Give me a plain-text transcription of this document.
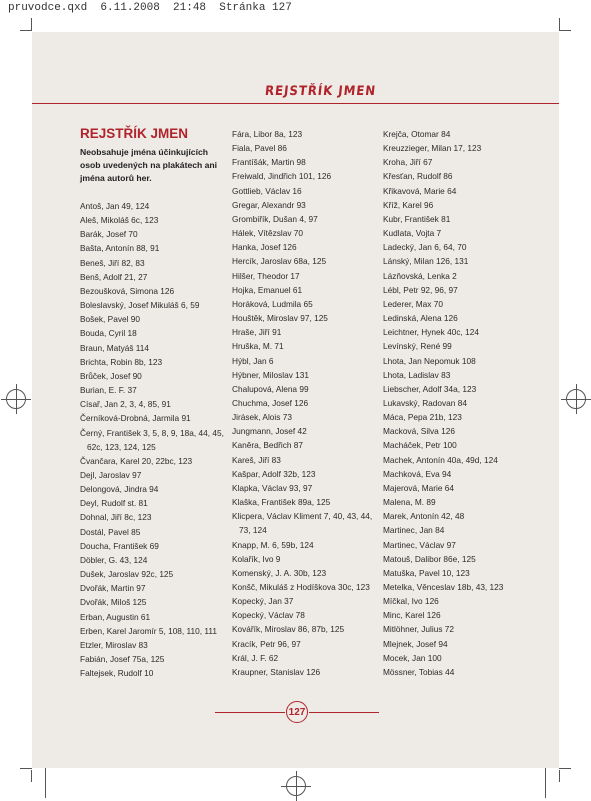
pruvodce.qxd  6.11.2008  21:48  Stránka 127
REJSTŘÍK JMEN
REJSTŘÍK JMEN
Neobsahuje jména účinkujících osob uvedených na plakátech ani jména autorů her.
Antoš, Jan 49, 124
Aleš, Mikoláš 6c, 123
Barák, Josef 70
Bašta, Antonín 88, 91
Beneš, Jiří 82, 83
Benš, Adolf 21, 27
Bezoušková, Simona 126
Boleslavský, Josef Mikuláš 6, 59
Bošek, Pavel 90
Bouda, Cyril 18
Braun, Matyáš 114
Brichta, Robin 8b, 123
Brůček, Josef 90
Burian, E. F. 37
Císař, Jan 2, 3, 4, 85, 91
Černíková-Drobná, Jarmila 91
Černý, František 3, 5, 8, 9, 18a, 44, 45,
62c, 123, 124, 125
Čvančara, Karel 20, 22bc, 123
Dejl, Jaroslav 97
Delongová, Jindra 94
Deyl, Rudolf st. 81
Dohnal, Jiří 8c, 123
Dostál, Pavel 85
Doucha, František 69
Döbler, G. 43, 124
Dušek, Jaroslav 92c, 125
Dvořák, Martin 97
Dvořák, Miloš 125
Erban, Augustin 61
Erben, Karel Jaromír 5, 108, 110, 111
Etzler, Miroslav 83
Fabián, Josef 75a, 125
Faltejsek, Rudolf 10
Fára, Libor 8a, 123
Fiala, Pavel 86
Frantíšák, Martin 98
Freiwald, Jindřich 101, 126
Gottlieb, Václav 16
Gregar, Alexandr 93
Grombiřík, Dušan 4, 97
Hálek, Vítězslav 70
Hanka, Josef 126
Hercík, Jaroslav 68a, 125
Hilšer, Theodor 17
Hojka, Emanuel 61
Horáková, Ludmila 65
Houštěk, Miroslav 97, 125
Hraše, Jiří 91
Hruška, M. 71
Hýbl, Jan 6
Hýbner, Miloslav 131
Chalupová, Alena 99
Chuchma, Josef 126
Jirásek, Alois 73
Jungmann, Josef 42
Kaněra, Bedřich 87
Kareš, Jiří 83
Kašpar, Adolf 32b, 123
Klapka, Václav 93, 97
Klaška, František 89a, 125
Klicpera, Václav Kliment 7, 40, 43, 44,
73, 124
Knapp, M. 6, 59b, 124
Kolařík, Ivo 9
Komenský, J. A. 30b, 123
Konšč, Mikuláš z Hodíškova 30c, 123
Kopecký, Jan 37
Kopecký, Václav 78
Kovářík, Miroslav 86, 87b, 125
Kracík, Petr 96, 97
Král, J. F. 62
Kraupner, Stanislav 126
Krejča, Otomar 84
Kreuzzieger, Milan 17, 123
Kroha, Jiří 67
Křesťan, Rudolf 86
Křikavová, Marie 64
Kříž, Karel 96
Kubr, František 81
Kudlata, Vojta 7
Ladecký, Jan 6, 64, 70
Lánský, Milan 126, 131
Lázňovská, Lenka 2
Lébl, Petr 92, 96, 97
Lederer, Max 70
Ledinská, Alena 126
Leichtner, Hynek 40c, 124
Levínský, René 99
Lhota, Jan Nepomuk 108
Lhota, Ladislav 83
Liebscher, Adolf 34a, 123
Lukavský, Radovan 84
Máca, Pepa 21b, 123
Macková, Silva 126
Macháček, Petr 100
Machek, Antonín 40a, 49d, 124
Machková, Eva 94
Majerová, Marie 64
Malena, M. 89
Marek, Antonín 42, 48
Martinec, Jan 84
Martinec, Václav 97
Matouš, Dalibor 86e, 125
Matuška, Pavel 10, 123
Metelka, Věnceslav 18b, 43, 123
Míčkal, Ivo 126
Minc, Karel 126
Mitlöhner, Julius 72
Mlejnek, Josef 94
Mocek, Jan 100
Mössner, Tobias 44
127
